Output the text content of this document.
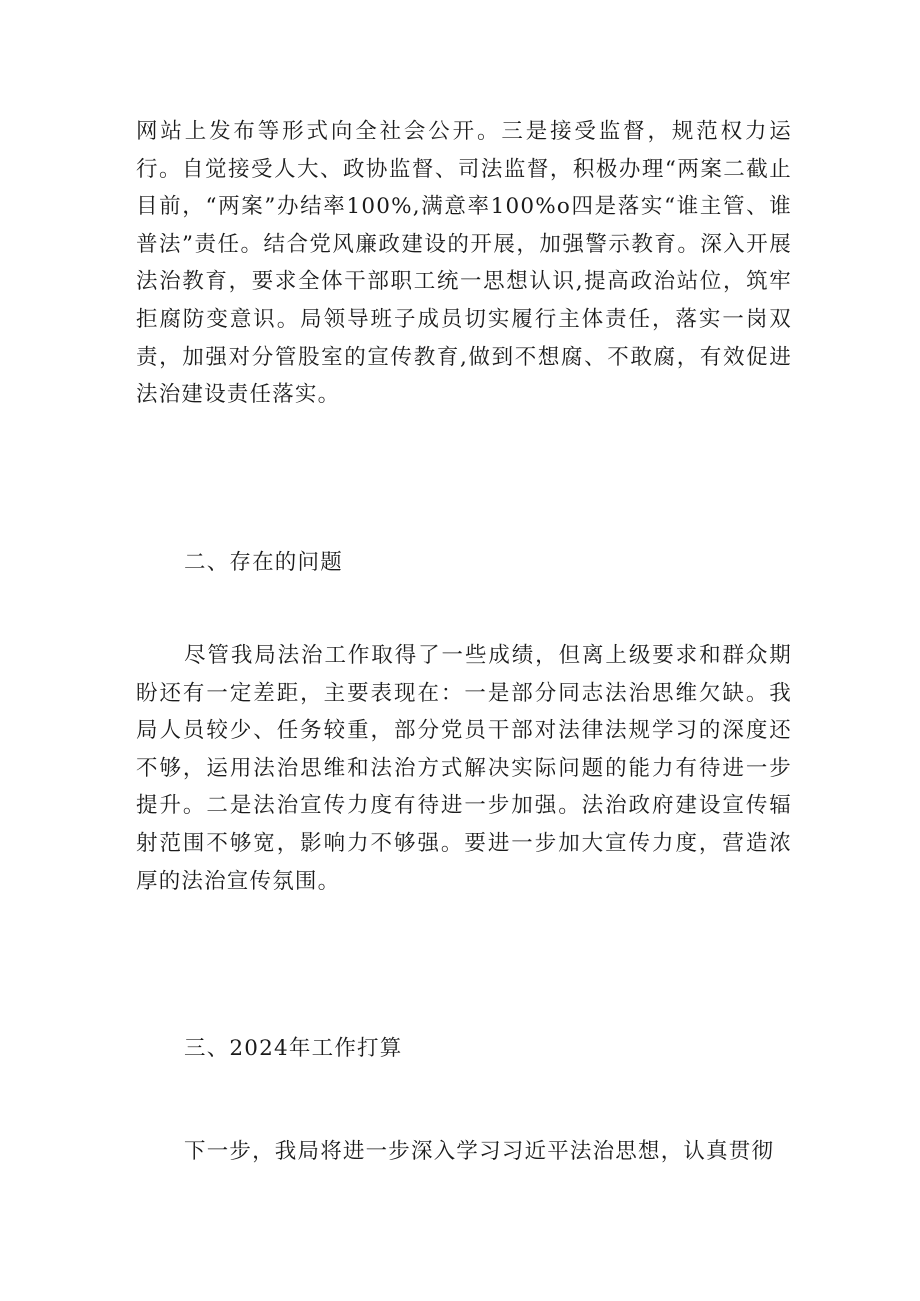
网站上发布等形式向全社会公开。三是接受监督，规范权力运行。自觉接受人大、政协监督、司法监督，积极办理“两案二截止目前，“两案”办结率100%,满意率100%o四是落实“谁主管、谁普法”责任。结合党风廉政建设的开展，加强警示教育。深入开展法治教育，要求全体干部职工统一思想认识,提高政治站位，筑牢拒腐防变意识。局领导班子成员切实履行主体责任，落实一岗双责，加强对分管股室的宣传教育,做到不想腐、不敢腐，有效促进法治建设责任落实。

二、存在的问题

尽管我局法治工作取得了一些成绩，但离上级要求和群众期盼还有一定差距，主要表现在：一是部分同志法治思维欠缺。我局人员较少、任务较重，部分党员干部对法律法规学习的深度还不够，运用法治思维和法治方式解决实际问题的能力有待进一步提升。二是法治宣传力度有待进一步加强。法治政府建设宣传辐射范围不够宽，影响力不够强。要进一步加大宣传力度，营造浓厚的法治宣传氛围。

三、2024年工作打算

下一步，我局将进一步深入学习习近平法治思想，认真贯彻
